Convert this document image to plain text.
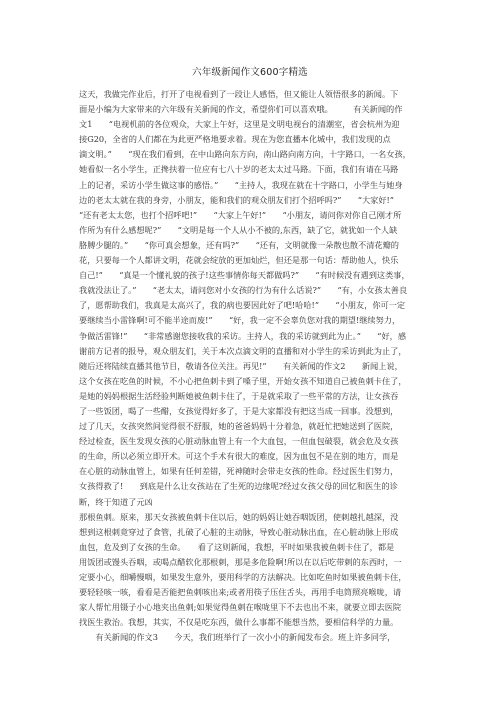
六年级新闻作文600字精选
这天，我做完作业后，打开了电视看到了一段让人感悟，但又能让人领悟很多的新闻。下
面是小编为大家带来的六年级有关新闻的作文，希望你们可以喜欢哦。　　　有关新闻的作
文1　　“电视机前的各位观众，大家上午好，这里是文明电视台的清潮室，省会杭州为迎
接G20，全省的人们都在为此更严格地要求着。现在为您直播本化城中，我们发现的点
滴文明。”　　“现在我们看到，在中山路向东方向，南山路向南方向，十字路口，一名女孩，
她看似一名小学生，正搀扶着一位应有七八十岁的老太太过马路。下面，我们有请在马路
上的记者，采访小学生做这事的感悟。”　　“主持人，我现在就在十字路口，小学生与她身
边的老太太就在我的身旁，小朋友，能和我们的观众朋友们打个招呼吗?”　　“大家好!”
“还有老太太您，也打个招呼吧!”　　“大家上午好!”　　“小朋友，请问你对你自己刚才所
作所为有什么感想呢?”　　“文明是每一个人从小不被的,东西，缺了它，就犹如一个人缺
胳膊少腿的。”　　“你可真会想象，还有吗?”　　“还有，文明就像一朵散也散不清花瓣的
花，只要每一个人都讲文明，花就会绽放的更加灿烂，但还是那一句话：帮助他人，快乐
自己!”　　“真是一个懂礼貌的孩子!这些事情你每天都做吗?”　　“有时候没有遇到这类事，
我就没法让了。”　　“老太太，请问您对小女孩的行为有什么话说?”　　“有，小女孩太善良
了，愿帮助我们，我真是太高兴了，我的病也要因此好了吧!哈哈!”　　“小朋友，你可一定
要继续当小雷锋啊!可不能半途而废!”　　“好，我一定不会辜负您对我的期望!继续努力，
争做活雷锋!”　　“非常感谢您接收我的采访。主持人，我的采访就到此为止。”　　“好，感
谢前方记者的报导，观众朋友们，关于本次点滴文明的直播和对小学生的采访到此为止了，
随后还将陆续直播其他节目，敬请各位关注。再见!”　　有关新闻的作文2　　新闻上说，
这个女孩在吃鱼的时候，不小心把鱼刺卡到了嗓子里，开始女孩不知道自己被鱼刺卡住了，
是她的妈妈根据生活经验判断她被鱼刺卡住了，于是就采取了一些平常的方法，让女孩吞
了一些饭团，喝了一些醋，女孩觉得好多了，于是大家都没有把这当成一回事。没想到，
过了几天，女孩突然间觉得很不舒服，她的爸爸妈妈十分着急，就赶忙把她送到了医院，
经过检查，医生发现女孩的心脏动脉血管上有一个大血包，一但血包破裂，就会危及女孩
的生命，所以必须立即开术。可这个手术有很大的难度，因为血包不是在别的地方，而是
在心脏的动脉血管上，如果有任何差错，死神随时会带走女孩的性命。经过医生们努力，
女孩得救了!　　到底是什么让女孩站在了生死的边缘呢?经过女孩父母的回忆和医生的诊
断，终于知道了元凶
那根鱼刺。原来，那天女孩被鱼刺卡住以后，她的妈妈让她吞咽饭团，使刺越扎越深，没
想到这根刺竟穿过了食管，扎破了心脏的主动脉，导致心脏动脉出血，在心脏动脉上形成
血包，危及到了女孩的生命。　　看了这则新闻，我想，平时如果我被鱼刺卡住了，都是
用饭团或馒头吞咽，或喝点醋软化那根刺，那是多危险啊!所以在以后吃带刺的东西时，一
定要小心，细嚼慢咽，如果发生意外，要用科学的方法解决。比如吃鱼时如果被鱼刺卡住，
要轻轻咳一咳，看看是否能把鱼刺咳出来;或者用筷子压住舌头，再用手电筒照亮喉咙，请
家人帮忙用镊子小心地夹出鱼刺;如果觉得鱼刺在喉咙里下不去也出不来，就要立即去医院
找医生救治。我想，其实，不仅是吃东西，做什么事都不能想当然，要相信科学的力量。
　　有关新闻的作文3　　今天，我们班举行了一次小小的新闻发布会。班上许多同学，
